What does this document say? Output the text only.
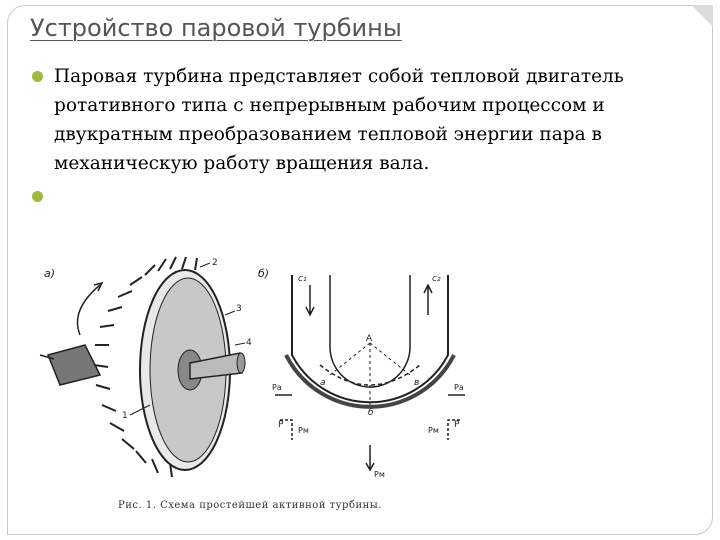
Устройство паровой турбины
Паровая турбина представляет собой тепловой двигатель ротативного типа с непрерывным рабочим процессом и двукратным преобразованием тепловой энергии пара в механическую работу вращения вала.
а)
1
2
3
4
б)	с₁	с₂
А
а
б
в
Р	Р
Рм	Рм
Ра	Ра
Рм
Рис. 1. Схема простейшей активной турбины.
